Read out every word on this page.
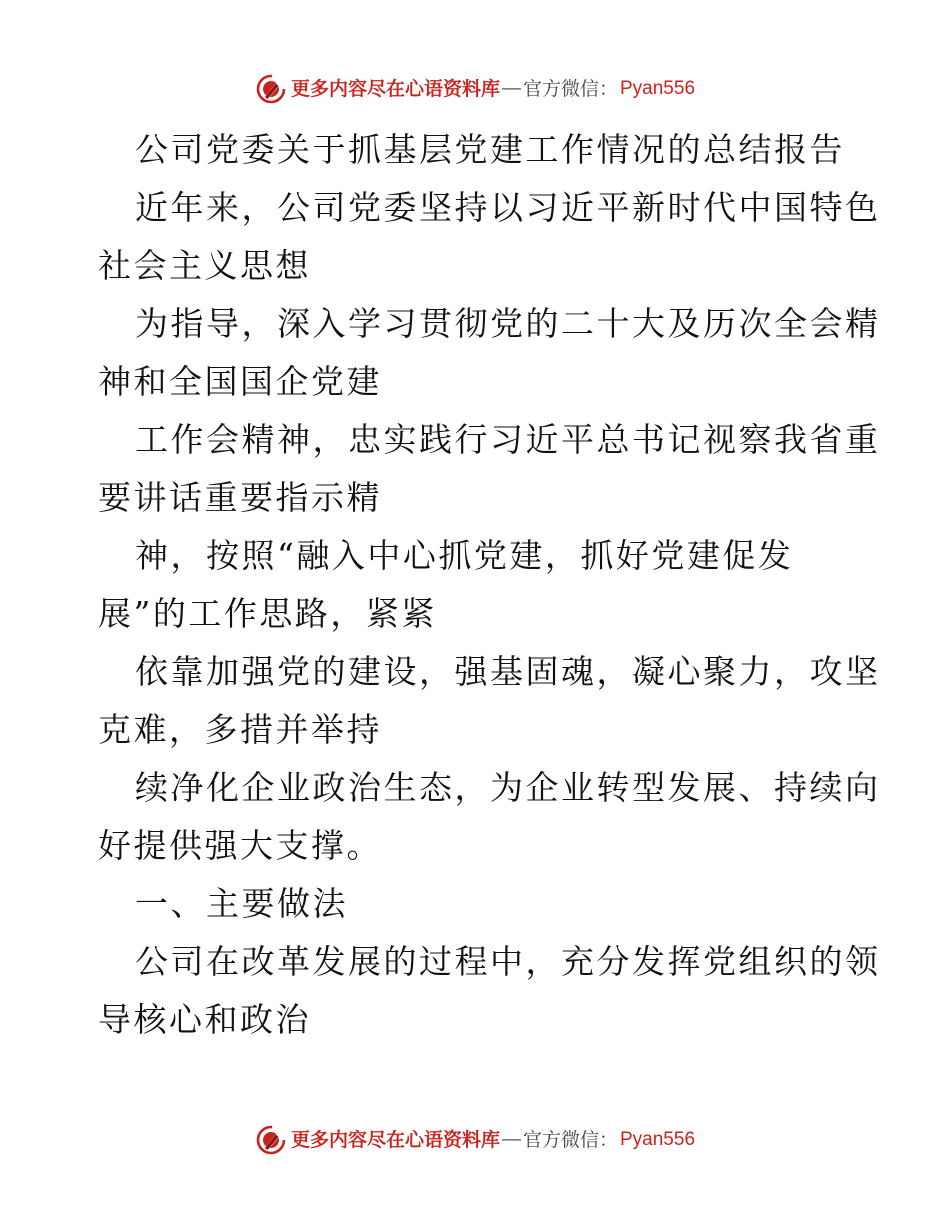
更多内容尽在心语资料库 — 官方微信： Pyan556
公司党委关于抓基层党建工作情况的总结报告
近年来，公司党委坚持以习近平新时代中国特色
社会主义思想
为指导，深入学习贯彻党的二十大及历次全会精
神和全国国企党建
工作会精神，忠实践行习近平总书记视察我省重
要讲话重要指示精
神，按照“融入中心抓党建，抓好党建促发
展”的工作思路，紧紧
依靠加强党的建设，强基固魂，凝心聚力，攻坚
克难，多措并举持
续净化企业政治生态，为企业转型发展、持续向
好提供强大支撑。
一、主要做法
公司在改革发展的过程中，充分发挥党组织的领
导核心和政治
更多内容尽在心语资料库 — 官方微信： Pyan556
